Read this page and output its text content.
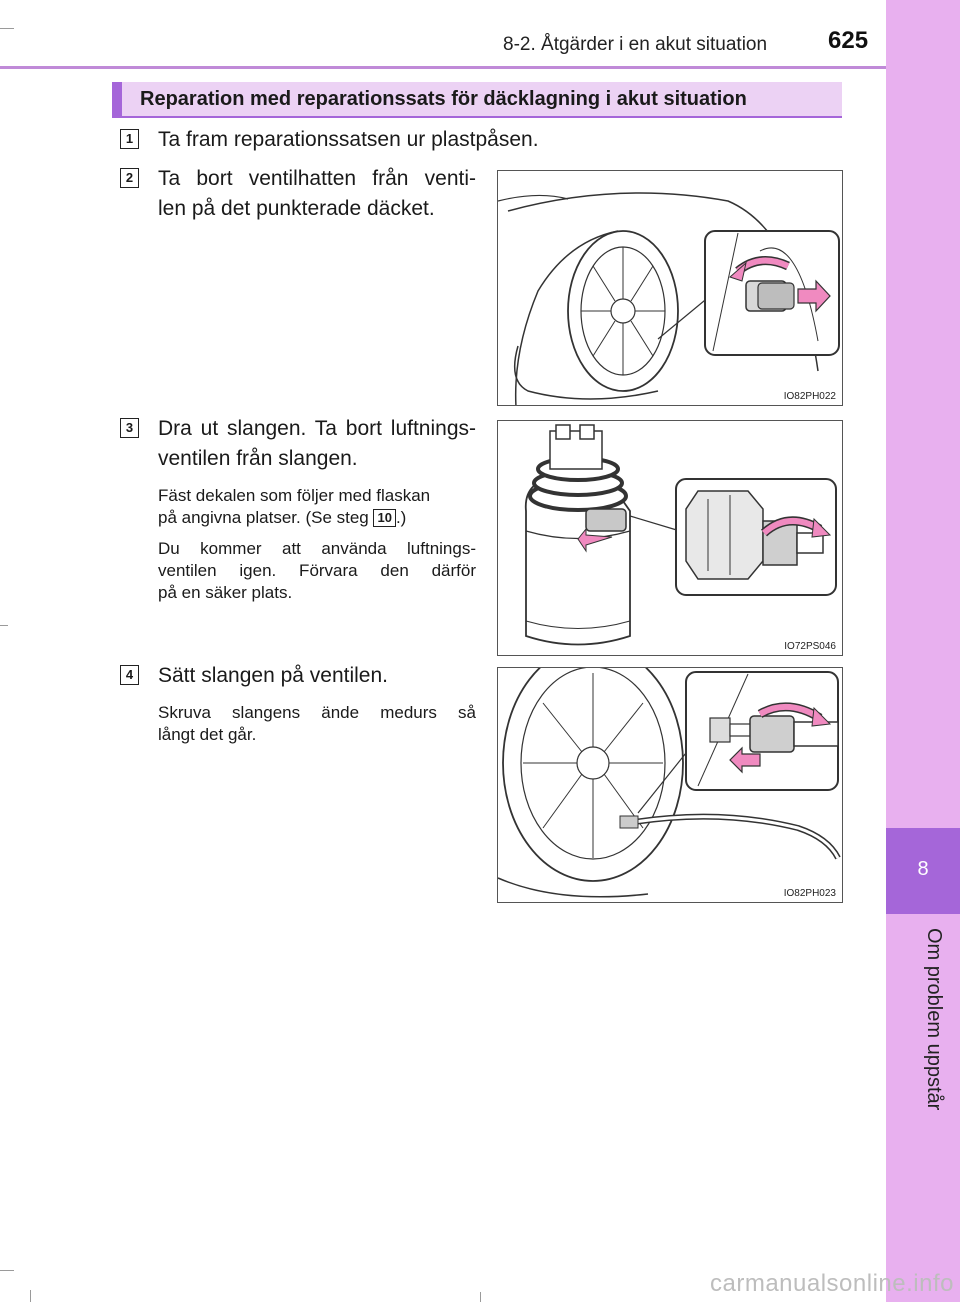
8-2. Åtgärder i en akut situation	625
8
Om problem uppstår
Reparation med reparationssats för däcklagning i akut situation
1 Ta fram reparationssatsen ur plastpåsen.
2 Ta bort ventilhatten från venti-
len på det punkterade däcket.
IO82PH022
3 Dra ut slangen. Ta bort luftnings-
ventilen från slangen.
Fäst dekalen som följer med flaskan
på angivna platser. (Se steg 10 .)
Du kommer att använda luftnings-
ventilen igen. Förvara den därför
på en säker plats.
IO72PS046
4 Sätt slangen på ventilen.
Skruva slangens ände medurs så
långt det går.
IO82PH023
carmanualsonline.info
